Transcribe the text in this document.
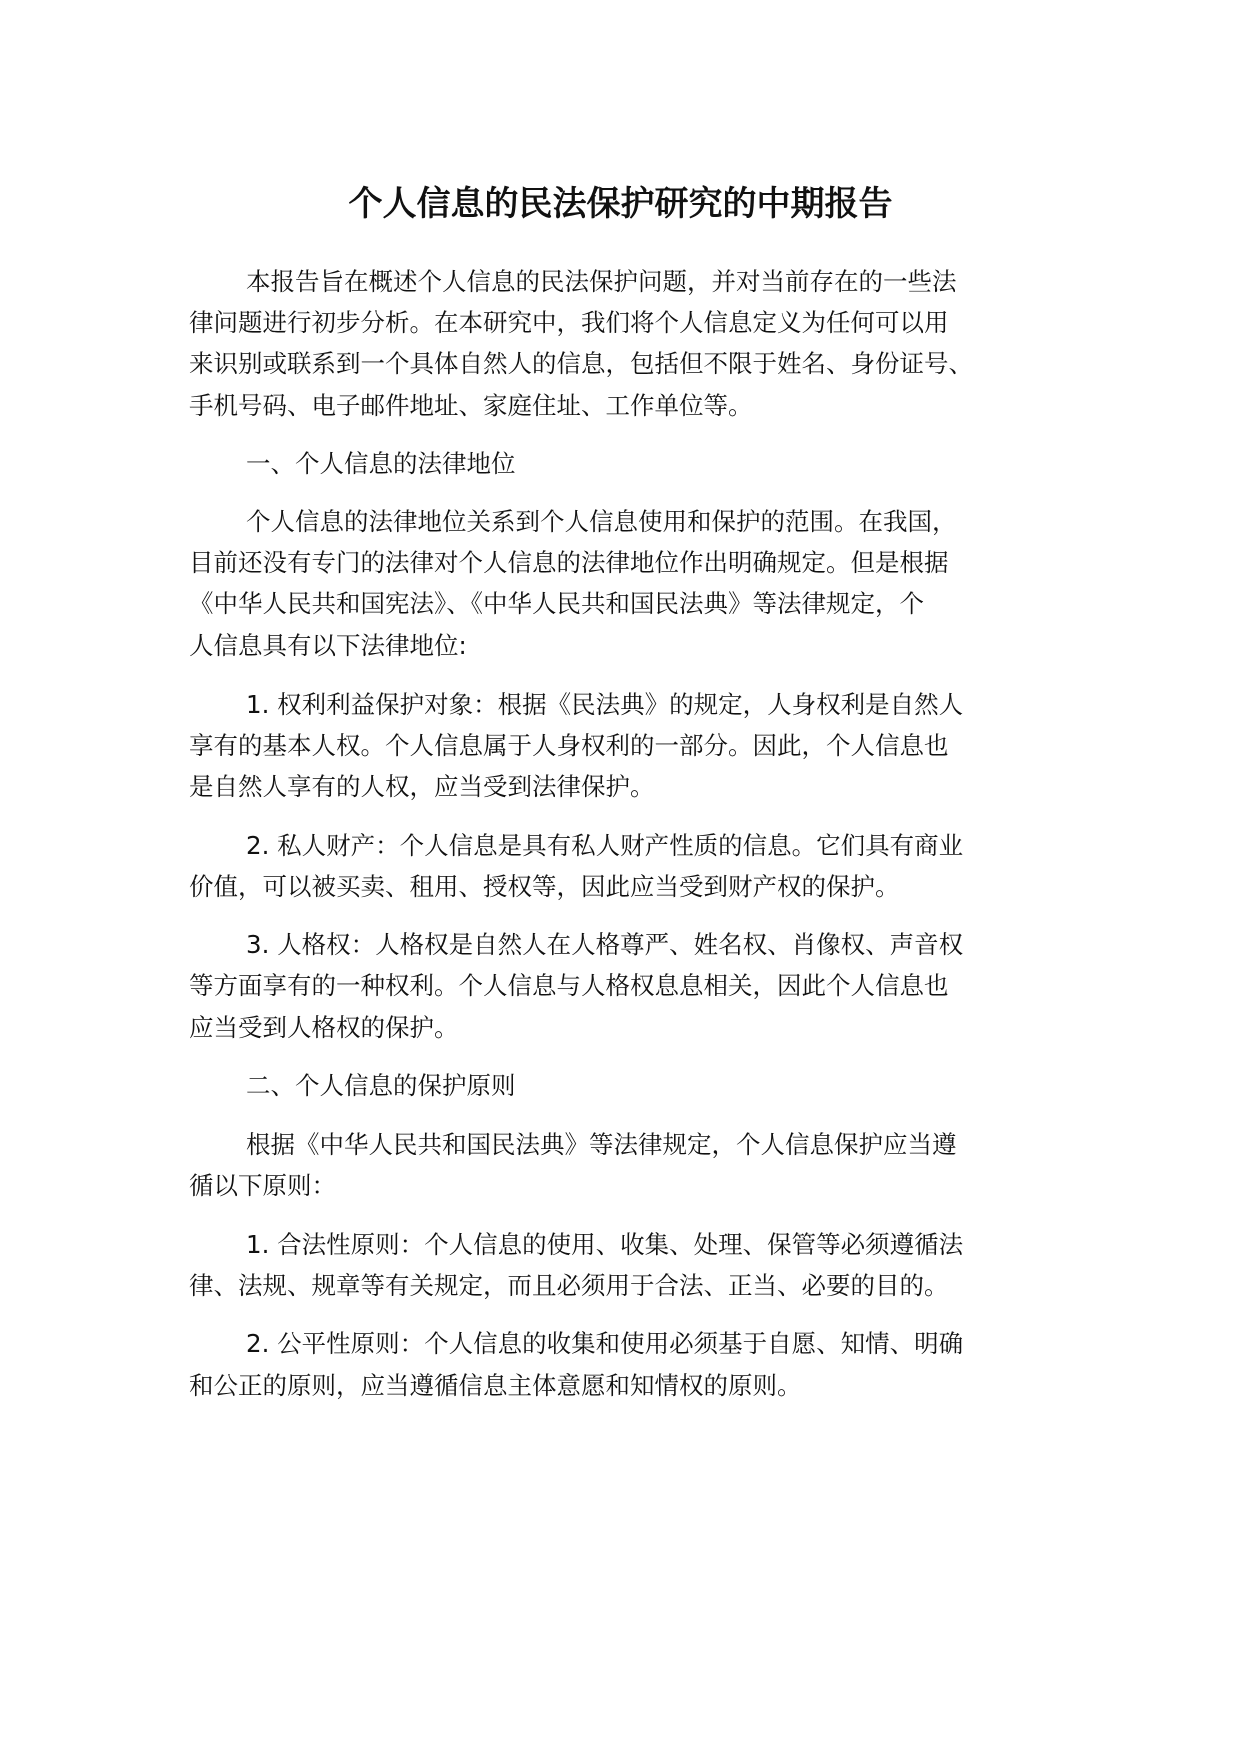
个人信息的民法保护研究的中期报告
本报告旨在概述个人信息的民法保护问题，并对当前存在的一些法
律问题进行初步分析。在本研究中，我们将个人信息定义为任何可以用
来识别或联系到一个具体自然人的信息，包括但不限于姓名、身份证号、
手机号码、电子邮件地址、家庭住址、工作单位等。
一、个人信息的法律地位
个人信息的法律地位关系到个人信息使用和保护的范围。在我国，
目前还没有专门的法律对个人信息的法律地位作出明确规定。但是根据
《中华人民共和国宪法》、《中华人民共和国民法典》等法律规定，个
人信息具有以下法律地位:
1. 权利利益保护对象：根据《民法典》的规定，人身权利是自然人
享有的基本人权。个人信息属于人身权利的一部分。因此，个人信息也
是自然人享有的人权，应当受到法律保护。
2. 私人财产：个人信息是具有私人财产性质的信息。它们具有商业
价值，可以被买卖、租用、授权等，因此应当受到财产权的保护。
3. 人格权：人格权是自然人在人格尊严、姓名权、肖像权、声音权
等方面享有的一种权利。个人信息与人格权息息相关，因此个人信息也
应当受到人格权的保护。
二、个人信息的保护原则
根据《中华人民共和国民法典》等法律规定，个人信息保护应当遵
循以下原则：
1. 合法性原则：个人信息的使用、收集、处理、保管等必须遵循法
律、法规、规章等有关规定，而且必须用于合法、正当、必要的目的。
2. 公平性原则：个人信息的收集和使用必须基于自愿、知情、明确
和公正的原则，应当遵循信息主体意愿和知情权的原则。
